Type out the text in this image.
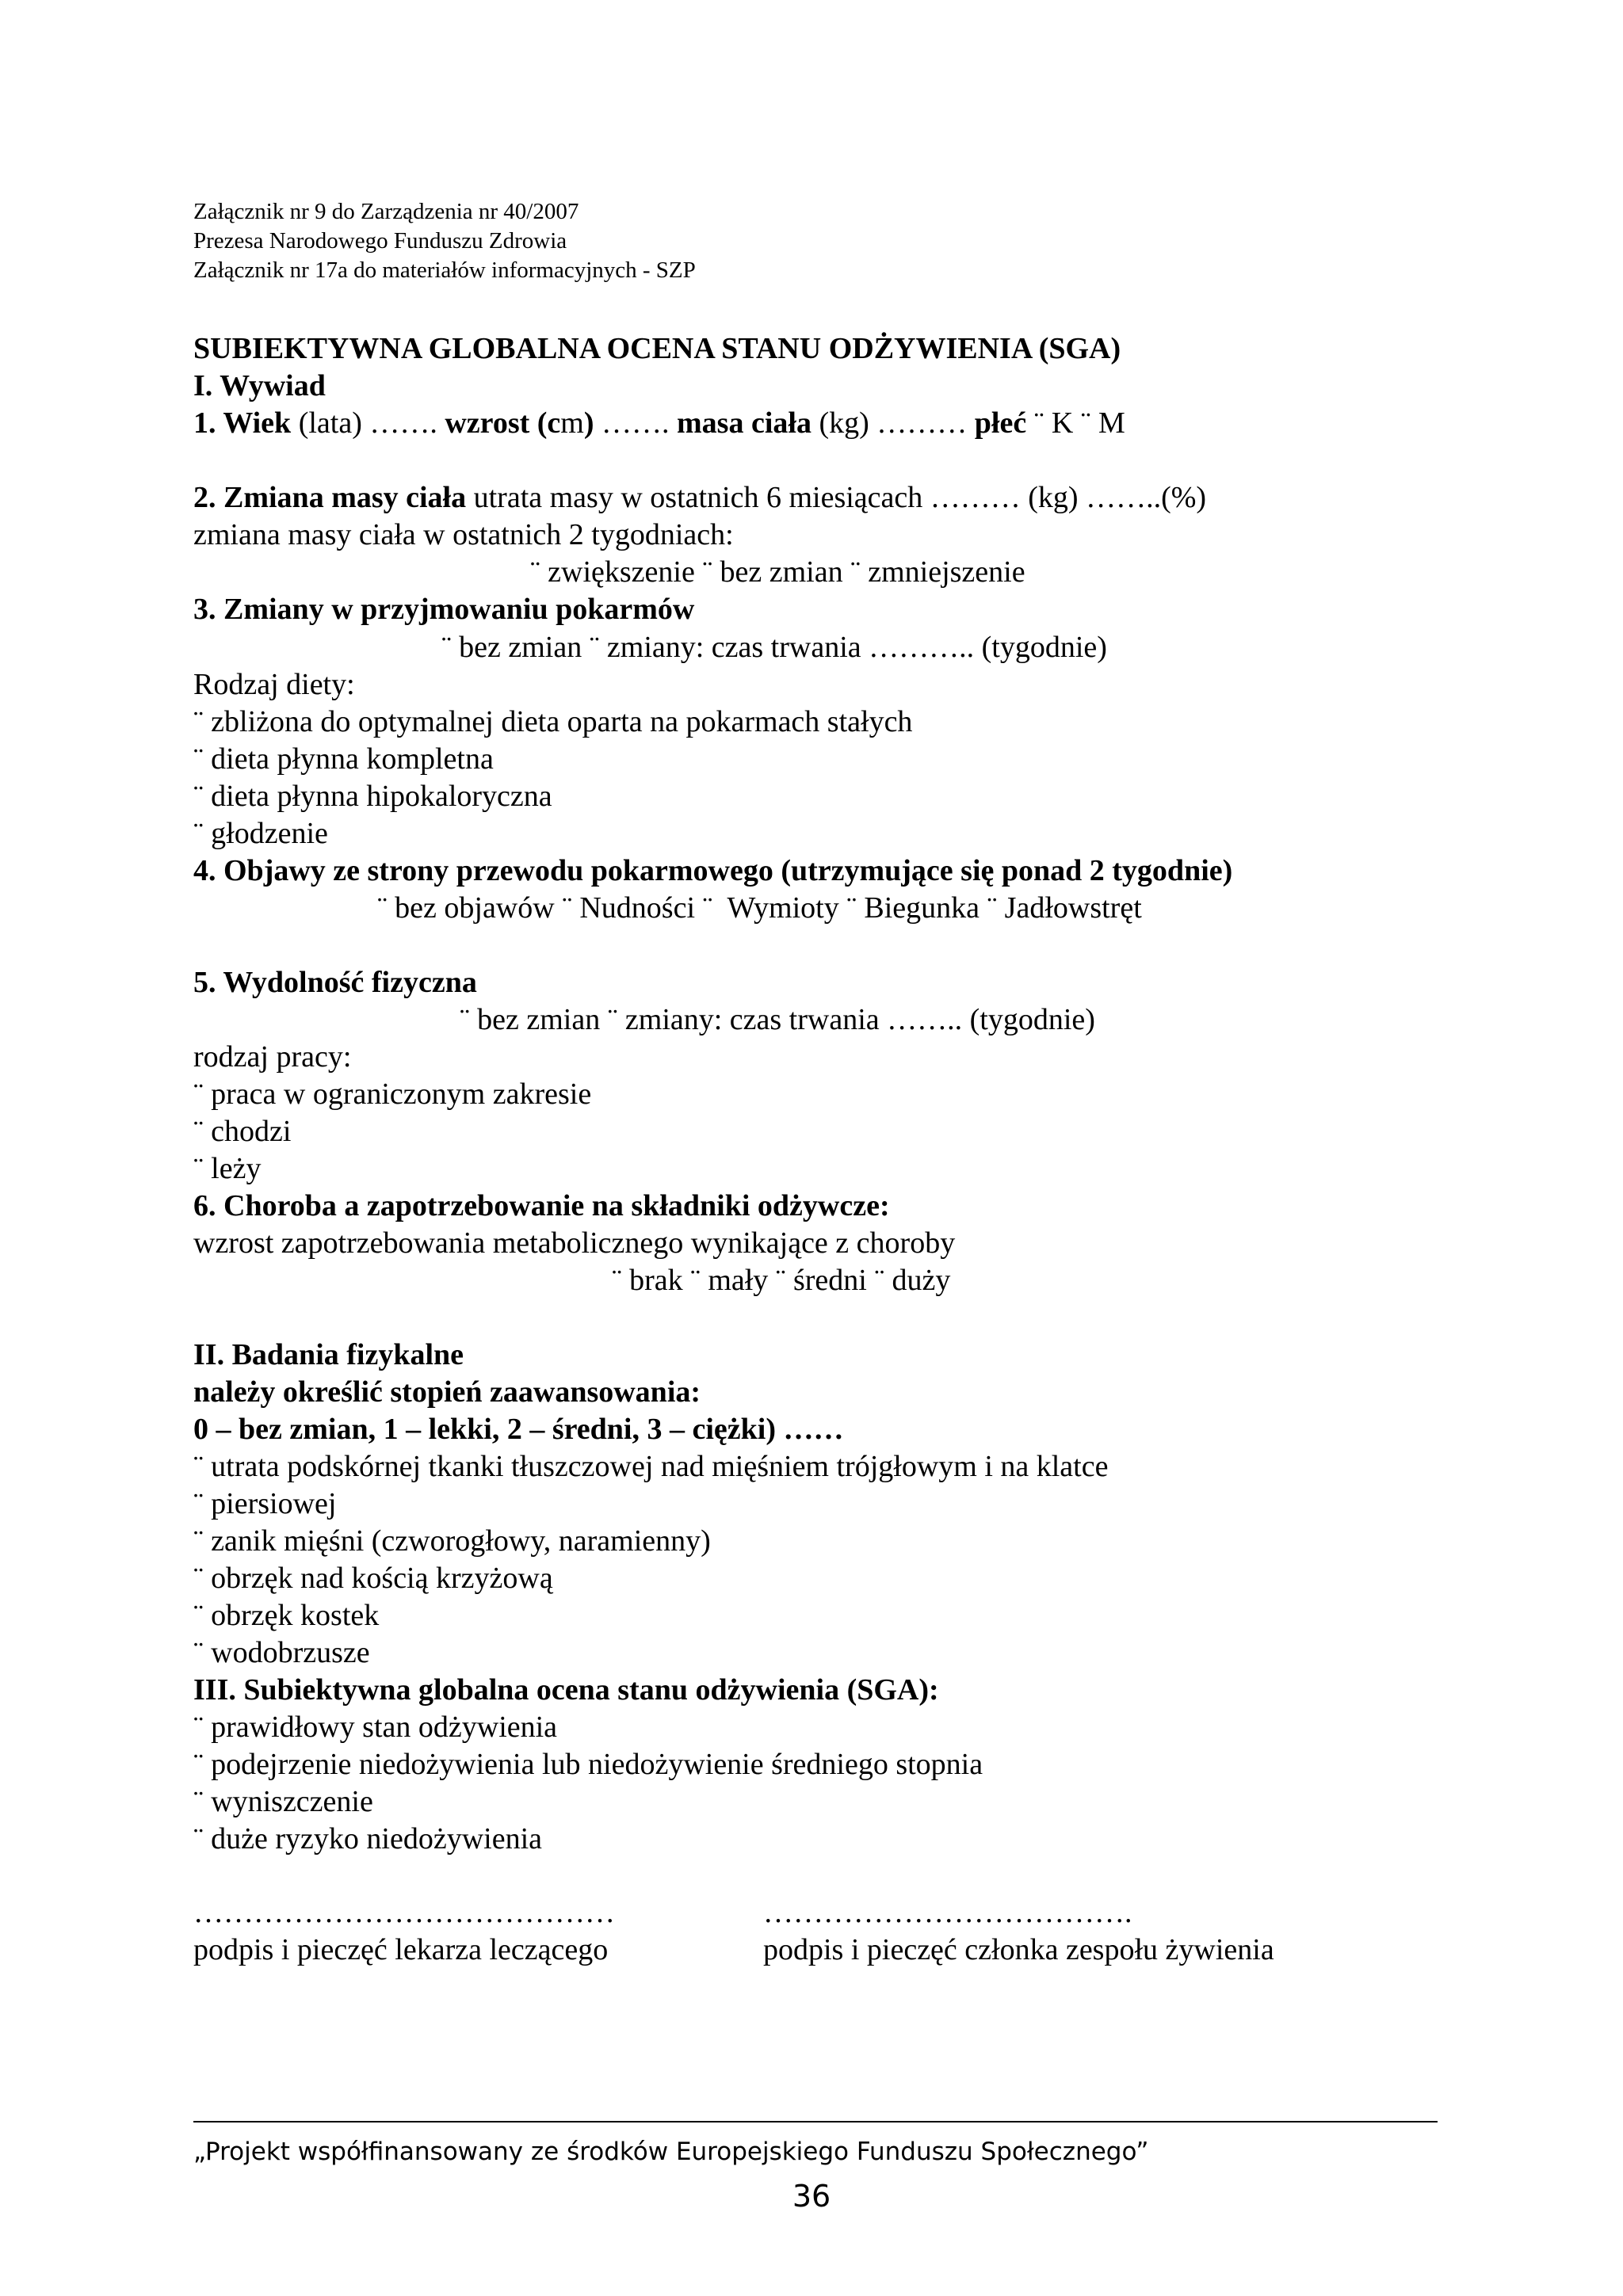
Załącznik nr 9 do Zarządzenia nr 40/2007
Prezesa Narodowego Funduszu Zdrowia
Załącznik nr 17a do materiałów informacyjnych - SZP
SUBIEKTYWNA GLOBALNA OCENA STANU ODŻYWIENIA (SGA)
I. Wywiad
1. Wiek (lata) ……. wzrost (cm) ……. masa ciała (kg) ……… płeć ¨ K ¨ M
2. Zmiana masy ciała utrata masy w ostatnich 6 miesiącach ……… (kg) ……..(%)
zmiana masy ciała w ostatnich 2 tygodniach:
¨ zwiększenie ¨ bez zmian ¨ zmniejszenie
3. Zmiany w przyjmowaniu pokarmów
¨ bez zmian ¨ zmiany: czas trwania ……….. (tygodnie)
Rodzaj diety:
¨ zbliżona do optymalnej dieta oparta na pokarmach stałych
¨ dieta płynna kompletna
¨ dieta płynna hipokaloryczna
¨ głodzenie
4. Objawy ze strony przewodu pokarmowego (utrzymujące się ponad 2 tygodnie)
¨ bez objawów ¨ Nudności ¨  Wymioty ¨ Biegunka ¨ Jadłowstręt
5. Wydolność fizyczna
¨ bez zmian ¨ zmiany: czas trwania …….. (tygodnie)
rodzaj pracy:
¨ praca w ograniczonym zakresie
¨ chodzi
¨ leży
6. Choroba a zapotrzebowanie na składniki odżywcze:
wzrost zapotrzebowania metabolicznego wynikające z choroby
¨ brak ¨ mały ¨ średni ¨ duży
II. Badania fizykalne
należy określić stopień zaawansowania:
0 – bez zmian, 1 – lekki, 2 – średni, 3 – ciężki) ……
¨ utrata podskórnej tkanki tłuszczowej nad mięśniem trójgłowym i na klatce
¨ piersiowej
¨ zanik mięśni (czworogłowy, naramienny)
¨ obrzęk nad kością krzyżową
¨ obrzęk kostek
¨ wodobrzusze
III. Subiektywna globalna ocena stanu odżywienia (SGA):
¨ prawidłowy stan odżywienia
¨ podejrzenie niedożywienia lub niedożywienie średniego stopnia
¨ wyniszczenie
¨ duże ryzyko niedożywienia
……………………………………	……………………………….
podpis i pieczęć lekarza leczącego	podpis i pieczęć członka zespołu żywienia
„Projekt współfinansowany ze środków Europejskiego Funduszu Społecznego”
36
